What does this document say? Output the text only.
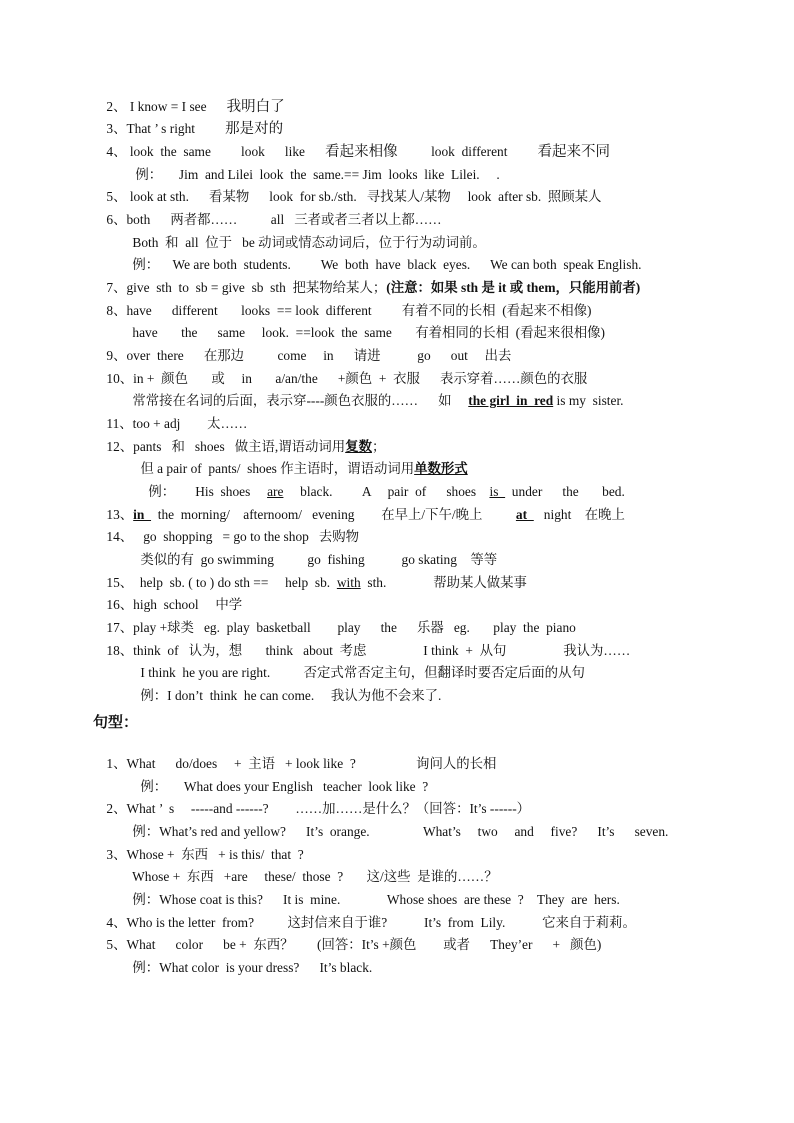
2、 I know = I see      我明白了

3、That ’ s right         那是对的

4、 look  the  same         look      like      看起来相像          look  different         看起来不同

例：     Jim  and Lilei  look  the  same.== Jim  looks  like  Lilei.     .

5、 look at sth.      看某物      look  for sb./sth.   寻找某人/某物     look  after sb.  照顾某人

6、both      两者都……          all   三者或者三者以上都……

Both  和  all  位于   be 动词或情态动词后，位于行为动词前。

例：    We are both  students.         We  both  have  black  eyes.      We can both  speak English.

7、give  sth  to  sb = give  sb  sth  把某物给某人；(注意：如果 sth 是 it 或 them，只能用前者)

8、have      different       looks  == look  different         有着不同的长相  (看起来不相像)

have       the      same     look.  ==look  the  same       有着相同的长相  (看起来很相像)

9、over  there      在那边          come     in      请进           go      out     出去

10、in +  颜色       或     in       a/an/the      +颜色  +  衣服      表示穿着……颜色的衣服

常常接在名词的后面，表示穿----颜色衣服的……      如     the girl  in  red is my  sister.

11、too + adj        太……

12、pants   和   shoes   做主语,谓语动词用复数；

但 a pair of  pants/  shoes 作主语时，谓语动词用单数形式

例：      His  shoes     are     black.         A     pair  of      shoes    is    under      the       bed.

13、in    the  morning/    afternoom/   evening        在早上/下午/晚上          at     night    在晚上

14、   go  shopping   = go to the shop   去购物

类似的有  go swimming          go  fishing           go skating    等等

15、  help  sb. ( to ) do sth ==     help  sb.  with  sth.              帮助某人做某事

16、high  school     中学

17、play +球类   eg.  play  basketball        play      the      乐器   eg.       play  the  piano

18、think  of   认为，想       think   about  考虑                 I think  +  从句                 我认为……

I think  he you are right.          否定式常否定主句，但翻译时要否定后面的从句

例：I don’t  think  he can come.     我认为他不会来了.

句型：

1、What      do/does     +  主语   + look like  ?                  询问人的长相

例：     What does your English   teacher  look like  ?

2、What ’  s     -----and ------?        ……加……是什么？（回答：It’s ------）

例：What’s red and yellow?      It’s  orange.                What’s     two     and     five?      It’s      seven.

3、Whose +  东西   + is this/  that  ?

Whose +  东西   +are     these/  those  ?       这/这些  是谁的……？

例：Whose coat is this?      It is  mine.              Whose shoes  are these  ?    They  are  hers.

4、Who is the letter  from?          这封信来自于谁?           It’s  from  Lily.           它来自于莉莉。

5、What      color      be +  东西？       (回答：It’s +颜色        或者      They’er      +   颜色)

例：What color  is your dress?      It’s black.
